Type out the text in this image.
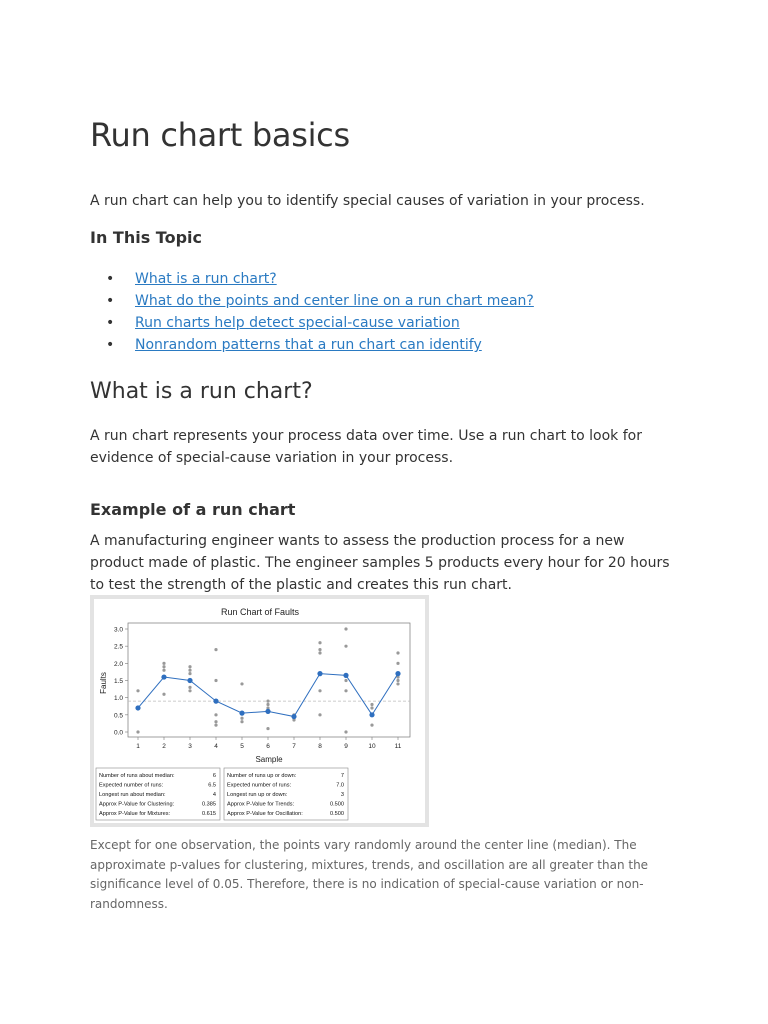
Run chart basics

A run chart can help you to identify special causes of variation in your process.

In This Topic
• What is a run chart?
• What do the points and center line on a run chart mean?
• Run charts help detect special-cause variation
• Nonrandom patterns that a run chart can identify
What is a run chart?

A run chart represents your process data over time. Use a run chart to look for evidence of special-cause variation in your process.

Example of a run chart

A manufacturing engineer wants to assess the production process for a new product made of plastic. The engineer samples 5 products every hour for 20 hours to test the strength of the plastic and creates this run chart.

Run Chart of Faults
0.0
0.5
1.0
1.5
2.0
2.5
3.0
1	2	3	4	5	6	7	8	9	10	11
Sample
Faults
Number of runs about median:	6
Expected number of runs:	6.5
Longest run about median:	4
Approx P-Value for Clustering:	0.385
Approx P-Value for Mixtures:	0.615
Number of runs up or down:	7
Expected number of runs:	7.0
Longest run up or down:	3
Approx P-Value for Trends:	0.500
Approx P-Value for Oscillation:	0.500

Except for one observation, the points vary randomly around the center line (median). The approximate p-values for clustering, mixtures, trends, and oscillation are all greater than the significance level of 0.05. Therefore, there is no indication of special-cause variation or non-randomness.
